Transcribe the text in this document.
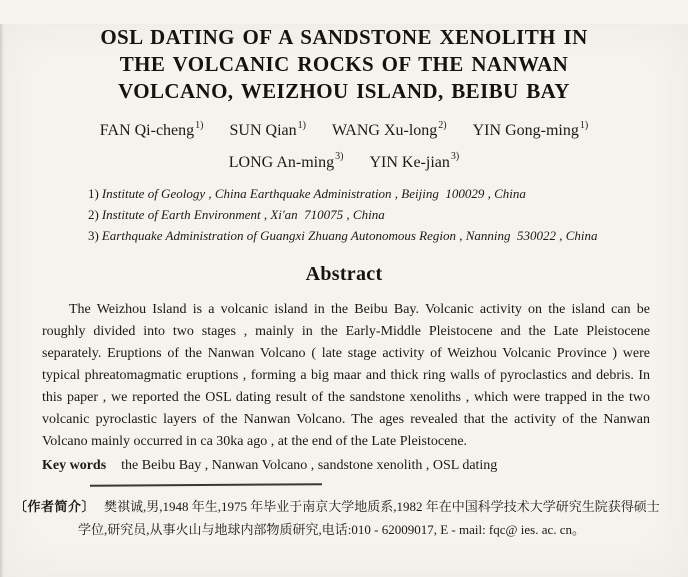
OSL DATING OF A SANDSTONE XENOLITH IN
THE VOLCANIC ROCKS OF THE NANWAN
VOLCANO, WEIZHOU ISLAND, BEIBU BAY
FAN Qi-cheng$^{1)}$ SUN Qian$^{1)}$ WANG Xu-long$^{2)}$ YIN Gong-ming$^{1)}$
LONG An-ming$^{3)}$ YIN Ke-jian$^{3)}$
1) Institute of Geology , China Earthquake Administration , Beijing 100029 , China
2) Institute of Earth Environment , Xi'an 710075 , China
3) Earthquake Administration of Guangxi Zhuang Autonomous Region , Nanning 530022 , China
Abstract

The Weizhou Island is a volcanic island in the Beibu Bay. Volcanic activity on the island can be roughly divided into two stages , mainly in the Early-Middle Pleistocene and the Late Pleistocene separately. Eruptions of the Nanwan Volcano ( late stage activity of Weizhou Volcanic Province ) were typical phreatomagmatic eruptions , forming a big maar and thick ring walls of pyroclastics and debris. In this paper , we reported the OSL dating result of the sandstone xenoliths , which were trapped in the two volcanic pyroclastic layers of the Nanwan Volcano. The ages revealed that the activity of the Nanwan Volcano mainly occurred in ca 30ka ago , at the end of the Late Pleistocene.

Key words the Beibu Bay , Nanwan Volcano , sandstone xenolith , OSL dating

〔作者简介〕 樊祺诚,男,1948 年生,1975 年毕业于南京大学地质系,1982 年在中国科学技术大学研究生院获得硕士学位,研究员,从事火山与地球内部物质研究,电话:010 - 62009017, E - mail: fqc@ ies. ac. cn。
